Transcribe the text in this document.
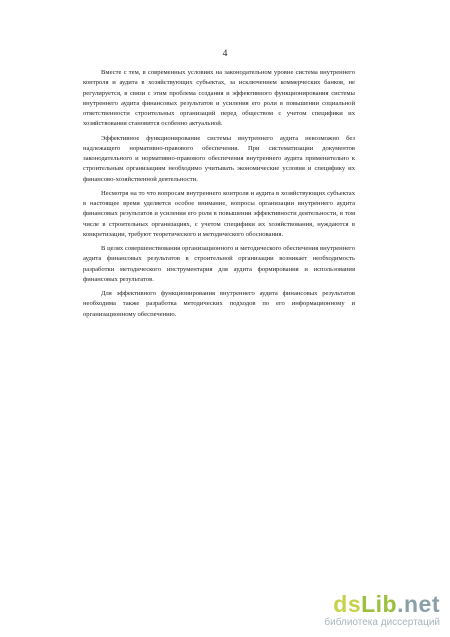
4

Вместе с тем, в современных условиях на законодательном уровне система внутреннего контроля и аудита в хозяйствующих субъектах, за исключением коммерческих банков, не регулируется, в связи с этим проблема создания и эффективного функционирования системы внутреннего аудита финансовых результатов и усиления его роли в повышении социальной ответственности строительных организаций перед обществом с учетом специфики их хозяйствования становится особенно актуальной.

Эффективное функционирование системы внутреннего аудита невозможно без надлежащего нормативно-правового обеспечения. При систематизации документов законодательного и нормативно-правового обеспечения внутреннего аудита применительно к строительным организациям необходимо учитывать экономические условия и специфику их финансово-хозяйственной деятельности.

Несмотря на то что вопросам внутреннего контроля и аудита в хозяйствующих субъектах в настоящее время уделяется особое внимание, вопросы организации внутреннего аудита финансовых результатов и усиления его роли в повышении эффективности деятельности, в том числе в строительных организациях, с учетом специфики их хозяйствования, нуждаются в конкретизации, требуют теоретического и методического обоснования.

В целях совершенствования организационного и методического обеспечения внутреннего аудита финансовых результатов в строительной организации возникает необходимость разработки методического инструментария для аудита формирования и использования финансовых результатов.

Для эффективного функционирования внутреннего аудита финансовых результатов необходима также разработка методических подходов по его информационному и организационному обеспечению.

dsLib.net
библиотека диссертаций
